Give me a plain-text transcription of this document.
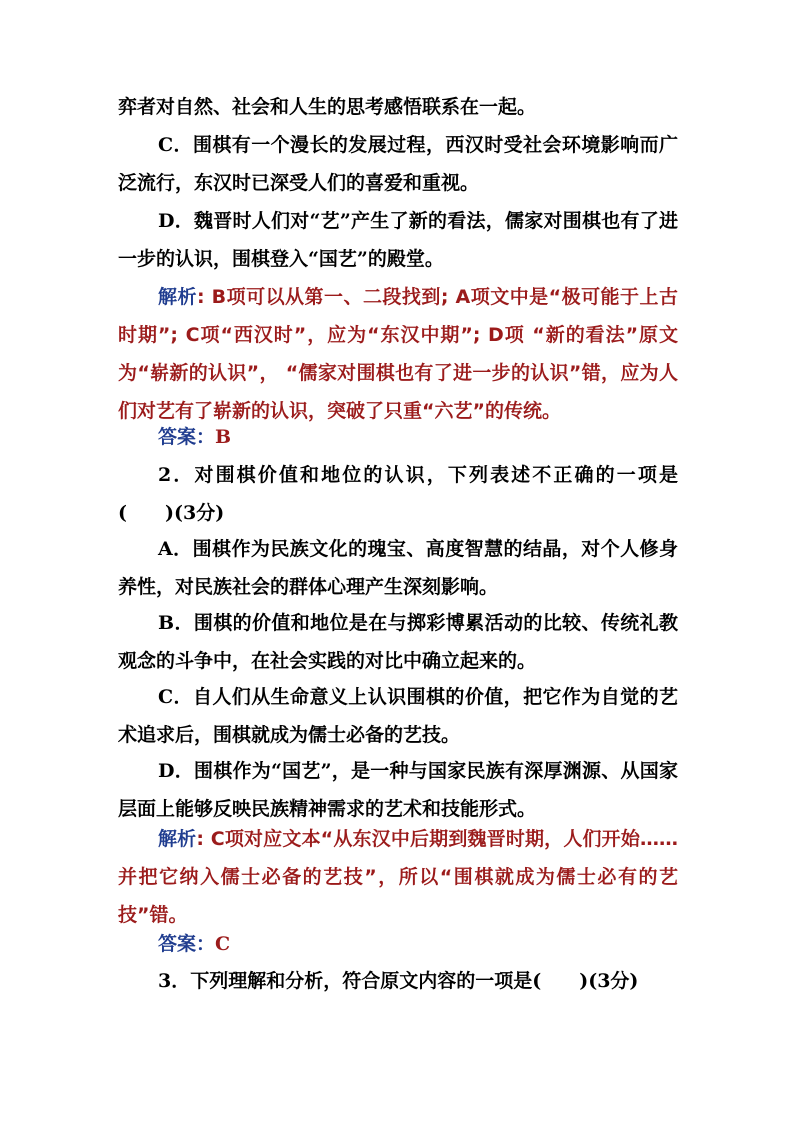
弈者对自然、社会和人生的思考感悟联系在一起。

C．围棋有一个漫长的发展过程，西汉时受社会环境影响而广泛流行，东汉时已深受人们的喜爱和重视。

D．魏晋时人们对“艺”产生了新的看法，儒家对围棋也有了进一步的认识，围棋登入“国艺”的殿堂。

解析: B项可以从第一、二段找到; A项文中是“极可能于上古时期”; C项“西汉时”，应为“东汉中期”; D项 “新的看法”原文为“崭新的认识”， “儒家对围棋也有了进一步的认识”错，应为人们对艺有了崭新的认识，突破了只重“六艺”的传统。

答案：B

2．对围棋价值和地位的认识，下列表述不正确的一项是(　　)(3分)

A．围棋作为民族文化的瑰宝、高度智慧的结晶，对个人修身养性，对民族社会的群体心理产生深刻影响。

B．围棋的价值和地位是在与掷彩博累活动的比较、传统礼教观念的斗争中，在社会实践的对比中确立起来的。

C．自人们从生命意义上认识围棋的价值，把它作为自觉的艺术追求后，围棋就成为儒士必备的艺技。

D．围棋作为“国艺”，是一种与国家民族有深厚渊源、从国家层面上能够反映民族精神需求的艺术和技能形式。

解析: C项对应文本“从东汉中后期到魏晋时期，人们开始……并把它纳入儒士必备的艺技”，所以“围棋就成为儒士必有的艺技”错。

答案：C

3．下列理解和分析，符合原文内容的一项是(　　)(3分)
